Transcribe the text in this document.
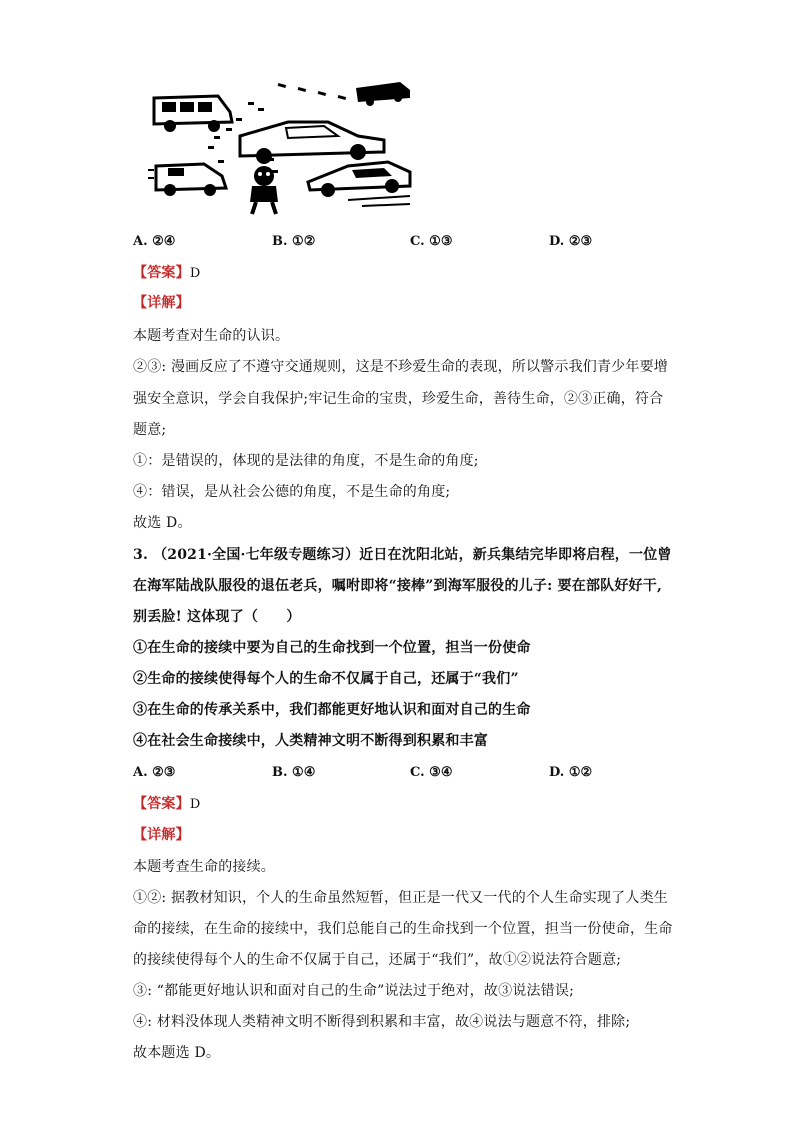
A. ②④	B. ①②	C. ①③	D. ②③
【答案】D
【详解】
本题考查对生命的认识。
②③: 漫画反应了不遵守交通规则，这是不珍爱生命的表现，所以警示我们青少年要增
强安全意识，学会自我保护;牢记生命的宝贵，珍爱生命，善待生命，②③正确，符合
题意;
①：是错误的，体现的是法律的角度，不是生命的角度;
④：错误，是从社会公德的角度，不是生命的角度;
故选 D。
3. （2021·全国·七年级专题练习）近日在沈阳北站，新兵集结完毕即将启程，一位曾
在海军陆战队服役的退伍老兵，嘱咐即将“接棒”到海军服役的儿子: 要在部队好好干,
别丢脸! 这体现了（　　）
①在生命的接续中要为自己的生命找到一个位置，担当一份使命
②生命的接续使得每个人的生命不仅属于自己，还属于“我们”
③在生命的传承关系中，我们都能更好地认识和面对自己的生命
④在社会生命接续中，人类精神文明不断得到积累和丰富
A. ②③	B. ①④	C. ③④	D. ①②
【答案】D
【详解】
本题考查生命的接续。
①②: 据教材知识，个人的生命虽然短暂，但正是一代又一代的个人生命实现了人类生
命的接续，在生命的接续中，我们总能自己的生命找到一个位置，担当一份使命，生命
的接续使得每个人的生命不仅属于自己，还属于“我们”，故①②说法符合题意;
③: “都能更好地认识和面对自己的生命”说法过于绝对，故③说法错误;
④: 材料没体现人类精神文明不断得到积累和丰富，故④说法与题意不符，排除;
故本题选 D。
